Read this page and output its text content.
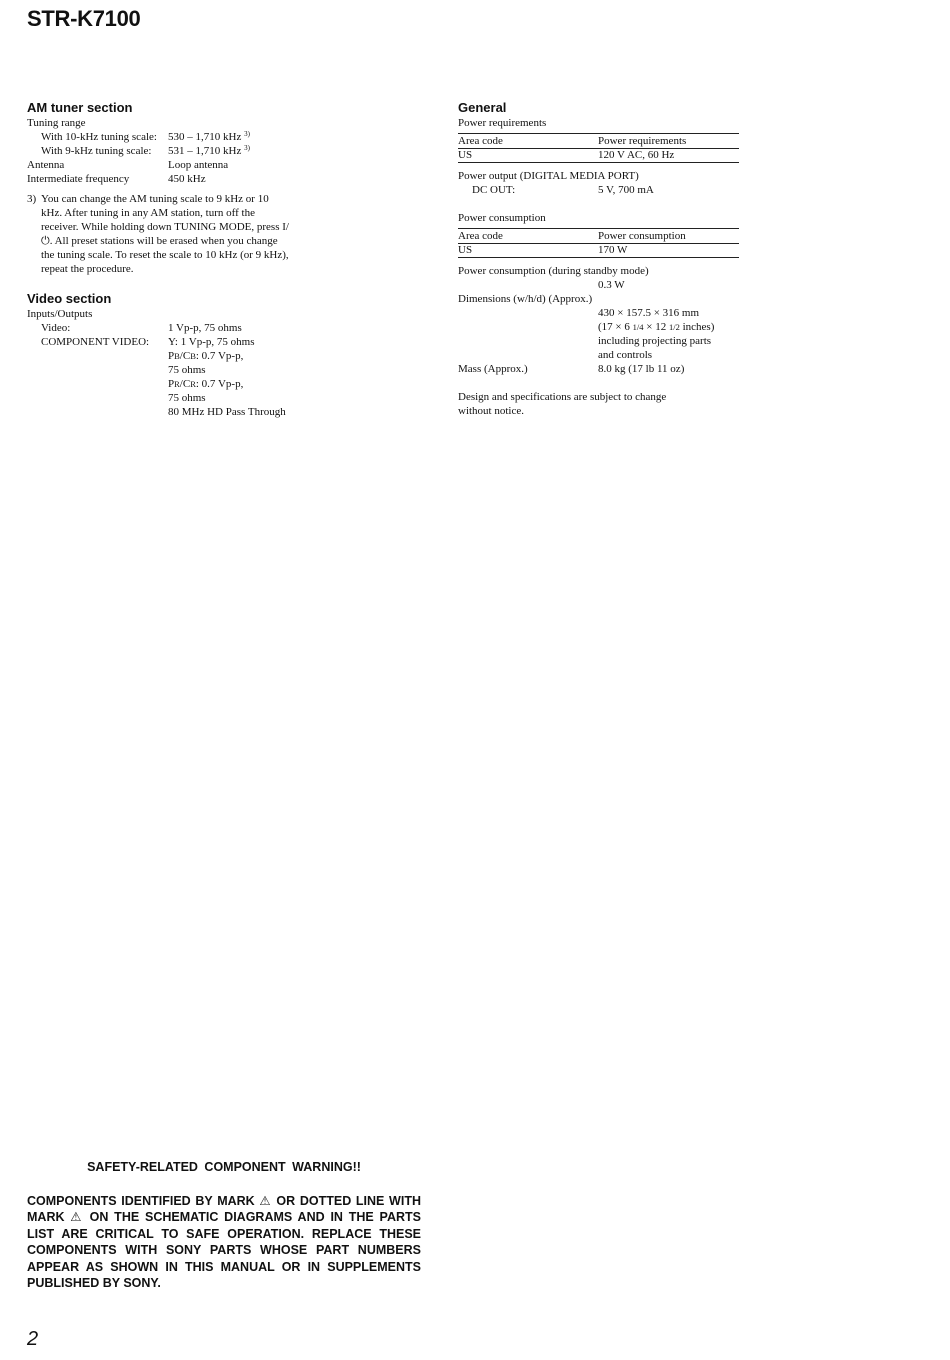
STR-K7100
AM tuner section
Tuning range
With 10-kHz tuning scale: 530 – 1,710 kHz $^{3)}$
With 9-kHz tuning scale: 531 – 1,710 kHz $^{3)}$
Antenna	Loop antenna
Intermediate frequency	450 kHz
3) You can change the AM tuning scale to 9 kHz or 10 kHz. After tuning in any AM station, turn off the receiver. While holding down TUNING MODE, press I/⏻. All preset stations will be erased when you change the tuning scale. To reset the scale to 10 kHz (or 9 kHz), repeat the procedure.
Video section
Inputs/Outputs
Video:	1 Vp-p, 75 ohms
COMPONENT VIDEO: Y: 1 Vp-p, 75 ohms
PB/CB: 0.7 Vp-p,
75 ohms
PR/CR: 0.7 Vp-p,
75 ohms
80 MHz HD Pass Through
General
Power requirements
Area code	Power requirements
US	120 V AC, 60 Hz
Power output (DIGITAL MEDIA PORT)
DC OUT:	5 V, 700 mA
Power consumption
Area code	Power consumption
US	170 W
Power consumption (during standby mode)
0.3 W
Dimensions (w/h/d) (Approx.)
430 × 157.5 × 316 mm
(17 × 6 1/4 × 12 1/2 inches)
including projecting parts
and controls
Mass (Approx.)	8.0 kg (17 lb 11 oz)
Design and specifications are subject to change without notice.
SAFETY-RELATED COMPONENT WARNING!!
COMPONENTS IDENTIFIED BY MARK ⚠ OR DOTTED LINE WITH MARK ⚠ ON THE SCHEMATIC DIAGRAMS AND IN THE PARTS LIST ARE CRITICAL TO SAFE OPERATION. REPLACE THESE COMPONENTS WITH SONY PARTS WHOSE PART NUMBERS APPEAR AS SHOWN IN THIS MANUAL OR IN SUPPLEMENTS PUBLISHED BY SONY.
2
